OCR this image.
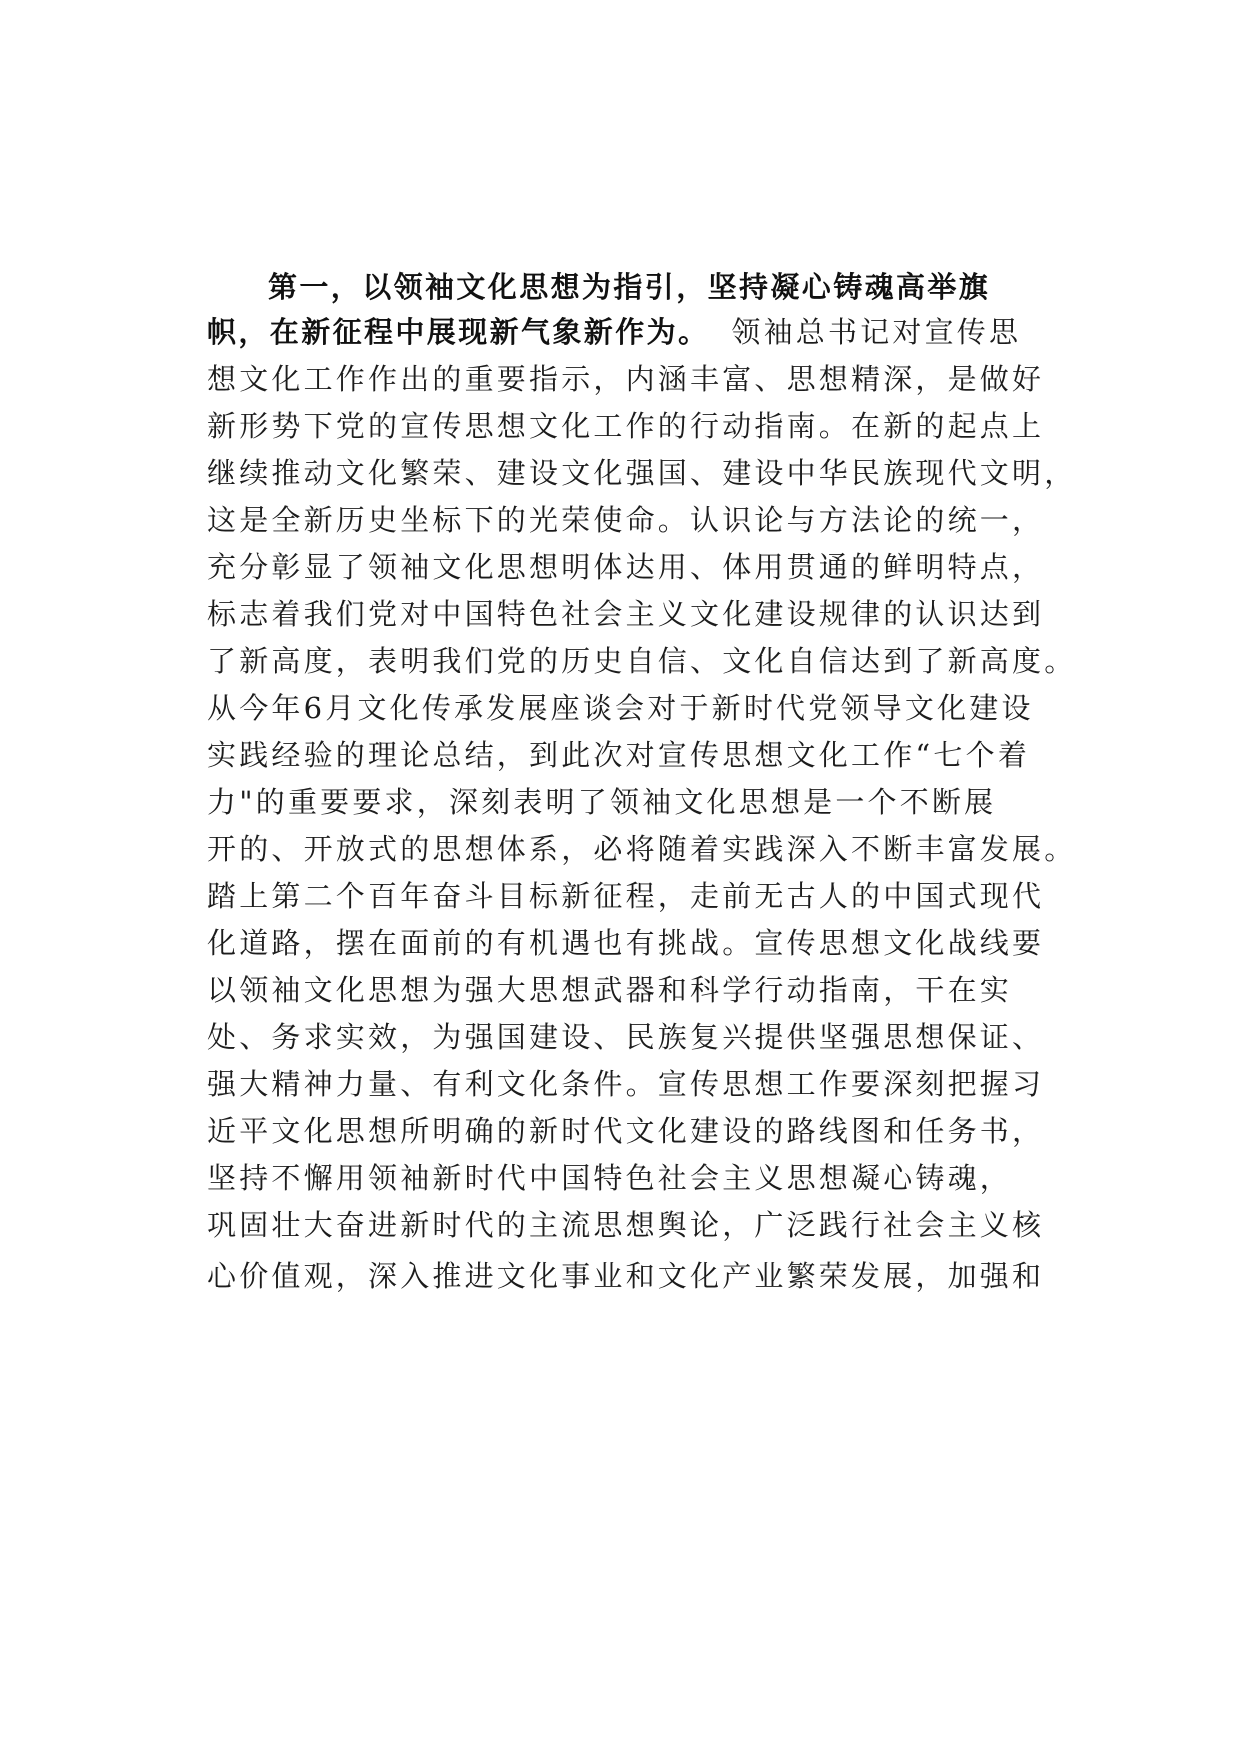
第一，以领袖文化思想为指引，坚持凝心铸魂高举旗
帜，在新征程中展现新气象新作为。 领袖总书记对宣传思
想文化工作作出的重要指示，内涵丰富、思想精深，是做好
新形势下党的宣传思想文化工作的行动指南。在新的起点上
继续推动文化繁荣、建设文化强国、建设中华民族现代文明，
这是全新历史坐标下的光荣使命。认识论与方法论的统一，
充分彰显了领袖文化思想明体达用、体用贯通的鲜明特点，
标志着我们党对中国特色社会主义文化建设规律的认识达到
了新高度，表明我们党的历史自信、文化自信达到了新高度。
从今年6月文化传承发展座谈会对于新时代党领导文化建设
实践经验的理论总结，到此次对宣传思想文化工作“七个着
力"的重要要求，深刻表明了领袖文化思想是一个不断展
开的、开放式的思想体系，必将随着实践深入不断丰富发展。
踏上第二个百年奋斗目标新征程，走前无古人的中国式现代
化道路，摆在面前的有机遇也有挑战。宣传思想文化战线要
以领袖文化思想为强大思想武器和科学行动指南，干在实
处、务求实效，为强国建设、民族复兴提供坚强思想保证、
强大精神力量、有利文化条件。宣传思想工作要深刻把握习
近平文化思想所明确的新时代文化建设的路线图和任务书，
坚持不懈用领袖新时代中国特色社会主义思想凝心铸魂，
巩固壮大奋进新时代的主流思想舆论，广泛践行社会主义核
心价值观，深入推进文化事业和文化产业繁荣发展，加强和
